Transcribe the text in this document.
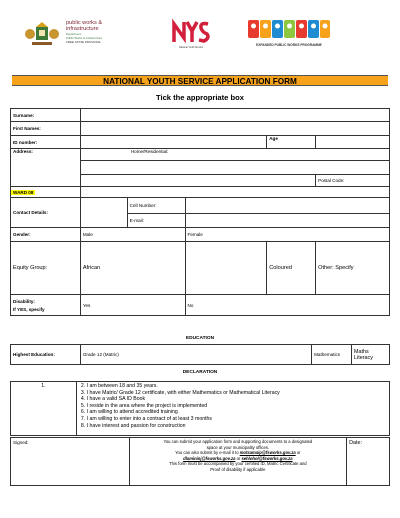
public works &
infrastructure
Department:
Public Works & Infrastructure
FREE STATE PROVINCE
National Youth Service
EXPANDED PUBLIC WORKS PROGRAMME
NATIONAL YOUTH SERVICE APPLICATION FORM
Tick the appropriate box
Surname:					
First Names:					
ID number:				Age	
Address:	Home/Residential:				

					Postal Code:
WARD 08					
Contact Details:		Cell Number:			
		E-mail:			
Gender:	Male		Female		
Equity Group:	African			Coloured	Other: Specify

Disability:
If YES, specify	Yes		No		
EDUCATION
Highest Education:	Grade 12 (Matric)	Mathematics	Maths
Literacy
DECLARATION
1.	2. I am between 18 and 35 years.
3. I have Matric/ Grade 12 certificate, with either Mathematics or Mathematical Literacy
4. I have a valid SA ID Book
5. I reside in the area where the project is implemented
6. I am willing to attend accredited training
7. I am willing to enter into a contract of at least 3 months
8. I have interest and passion for construction
Signed:	You can submit your application form and supporting documents to a designated
space at your municipality offices.
You can also submit by e-mail it to motsamaip@fsworks.gov.za or
dlamininj@fsworks.gov.za or sehlohol@fsworks.gov.za
This form must be accompanied by your certified ID, Matric Certificate and
Proof of disability if applicable
	Date:
